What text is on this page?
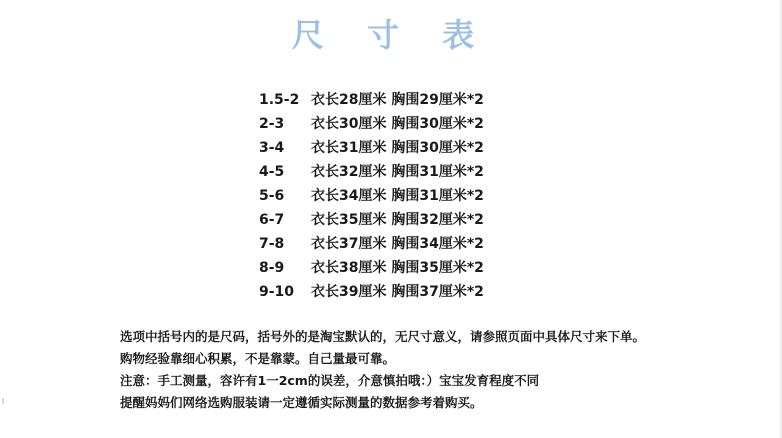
尺 寸 表
1.5-2 衣长28厘米 胸围29厘米*2
2-3	衣长30厘米 胸围30厘米*2
3-4	衣长31厘米 胸围30厘米*2
4-5	衣长32厘米 胸围31厘米*2
5-6	衣长34厘米 胸围31厘米*2
6-7	衣长35厘米 胸围32厘米*2
7-8	衣长37厘米 胸围34厘米*2
8-9	衣长38厘米 胸围35厘米*2
9-10	衣长39厘米 胸围37厘米*2
选项中括号内的是尺码，括号外的是淘宝默认的，无尺寸意义，请参照页面中具体尺寸来下单。
购物经验靠细心积累，不是靠蒙。自己量最可靠。
注意：手工测量，容许有1一2cm的误差，介意慎拍哦：）宝宝发育程度不同
提醒妈妈们网络选购服装请一定遵循实际测量的数据参考着购买。
